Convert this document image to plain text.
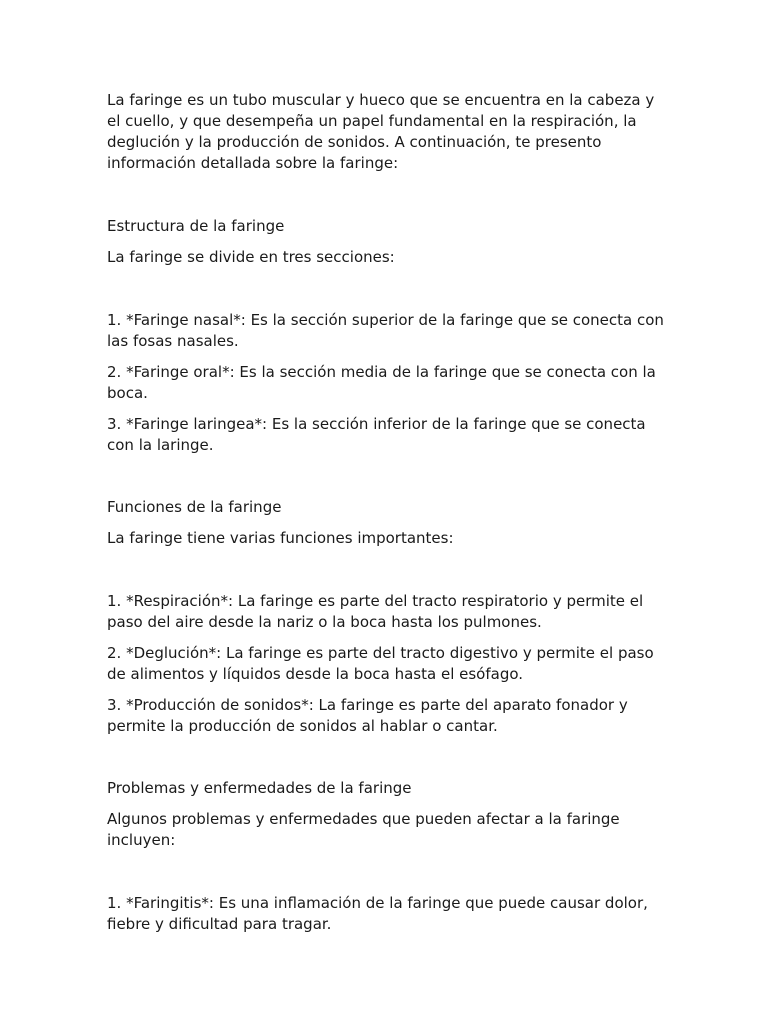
La faringe es un tubo muscular y hueco que se encuentra en la cabeza y el cuello, y que desempeña un papel fundamental en la respiración, la deglución y la producción de sonidos. A continuación, te presento información detallada sobre la faringe:

Estructura de la faringe

La faringe se divide en tres secciones:

1. *Faringe nasal*: Es la sección superior de la faringe que se conecta con las fosas nasales.

2. *Faringe oral*: Es la sección media de la faringe que se conecta con la boca.

3. *Faringe laringea*: Es la sección inferior de la faringe que se conecta con la laringe.

Funciones de la faringe

La faringe tiene varias funciones importantes:

1. *Respiración*: La faringe es parte del tracto respiratorio y permite el paso del aire desde la nariz o la boca hasta los pulmones.

2. *Deglución*: La faringe es parte del tracto digestivo y permite el paso de alimentos y líquidos desde la boca hasta el esófago.

3. *Producción de sonidos*: La faringe es parte del aparato fonador y permite la producción de sonidos al hablar o cantar.

Problemas y enfermedades de la faringe

Algunos problemas y enfermedades que pueden afectar a la faringe incluyen:

1. *Faringitis*: Es una inflamación de la faringe que puede causar dolor, fiebre y dificultad para tragar.
